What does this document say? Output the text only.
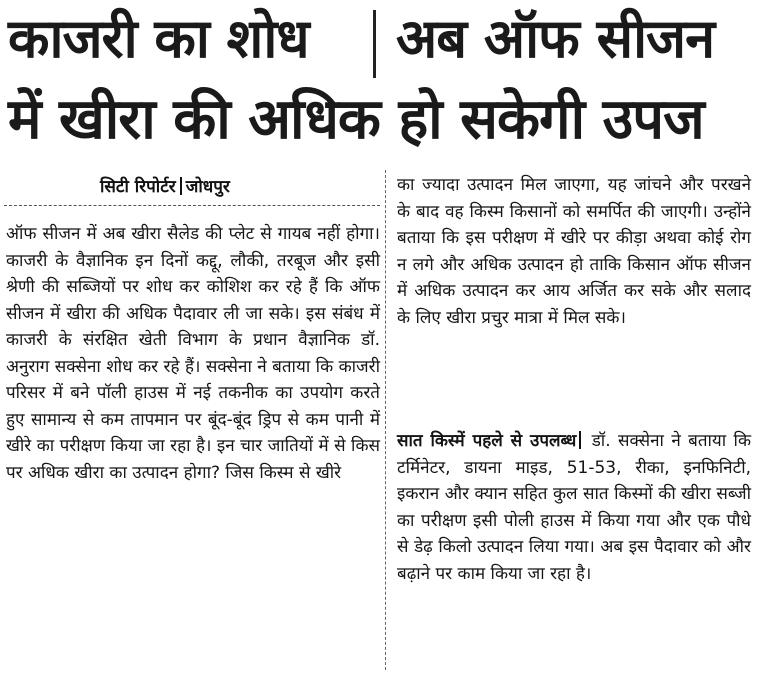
काजरी का शोध अब ऑफ सीजन
में खीरा की अधिक हो सकेगी उपज
सिटी रिपोर्टर जोधपुर
ऑफ सीजन में अब खीरा सैलेड की प्लेट से गायब नहीं होगा। काजरी के वैज्ञानिक इन दिनों कद्दू, लौकी, तरबूज और इसी श्रेणी की सब्जियों पर शोध कर कोशिश कर रहे हैं कि ऑफ सीजन में खीरा की अधिक पैदावार ली जा सके। इस संबंध में काजरी के संरक्षित खेती विभाग के प्रधान वैज्ञानिक डॉ. अनुराग सक्सेना शोध कर रहे हैं। सक्सेना ने बताया कि काजरी परिसर में बने पॉली हाउस में नई तकनीक का उपयोग करते हुए सामान्य से कम तापमान पर बूंद-बूंद ड्रिप से कम पानी में खीरे का परीक्षण किया जा रहा है। इन चार जातियों में से किस पर अधिक खीरा का उत्पादन होगा? जिस किस्म से खीरे
का ज्यादा उत्पादन मिल जाएगा, यह जांचने और परखने के बाद वह किस्म किसानों को समर्पित की जाएगी। उन्होंने बताया कि इस परीक्षण में खीरे पर कीड़ा अथवा कोई रोग न लगे और अधिक उत्पादन हो ताकि किसान ऑफ सीजन में अधिक उत्पादन कर आय अर्जित कर सके और सलाद के लिए खीरा प्रचुर मात्रा में मिल सके।
सात किस्में पहले से उपलब्ध डॉ. सक्सेना ने बताया कि टर्मिनेटर, डायना माइड, 51-53, रीका, इनफिनिटी, इकरान और क्यान सहित कुल सात किस्मों की खीरा सब्जी का परीक्षण इसी पोली हाउस में किया गया और एक पौधे से डेढ़ किलो उत्पादन लिया गया। अब इस पैदावार को और बढ़ाने पर काम किया जा रहा है।
